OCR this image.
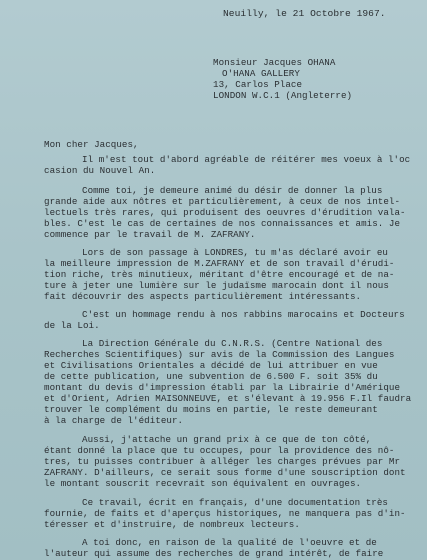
Neuilly, le 21 Octobre 1967.
Monsieur Jacques OHANA
O'HANA GALLERY
13, Carlos Place
LONDON W.C.1 (Angleterre)
Mon cher Jacques,
Il m'est tout d'abord agréable de réitérer mes voeux à l'oc
casion du Nouvel An.
Comme toi, je demeure animé du désir de donner la plus
grande aide aux nôtres et particulièrement, à ceux de nos intel-
lectuels très rares, qui produisent des oeuvres d'érudition vala-
bles. C'est le cas de certaines de nos connaissances et amis. Je
commence par le travail de M. ZAFRANY.
Lors de son passage à LONDRES, tu m'as déclaré avoir eu
la meilleure impression de M.ZAFRANY et de son travail d'érudi-
tion riche, très minutieux, méritant d'être encouragé et de na-
ture à jeter une lumière sur le judaïsme marocain dont il nous
fait découvrir des aspects particulièrement intéressants.
C'est un hommage rendu à nos rabbins marocains et Docteurs
de la Loi.
La Direction Générale du C.N.R.S. (Centre National des
Recherches Scientifiques) sur avis de la Commission des Langues
et Civilisations Orientales a décidé de lui attribuer en vue
de cette publication, une subvention de 6.500 F. soit 35% du
montant du devis d'impression établi par la Librairie d'Amérique
et d'Orient, Adrien MAISONNEUVE, et s'élevant à 19.956 F.Il faudra
trouver le complément du moins en partie, le reste demeurant
à la charge de l'éditeur.
Aussi, j'attache un grand prix à ce que de ton côté,
étant donné la place que tu occupes, pour la providence des nô-
tres, tu puisses contribuer à alléger les charges prévues par Mr
ZAFRANY. D'ailleurs, ce serait sous forme d'une souscription dont
le montant souscrit recevrait son équivalent en ouvrages.
Ce travail, écrit en français, d'une documentation très
fournie, de faits et d'aperçus historiques, ne manquera pas d'in-
téresser et d'instruire, de nombreux lecteurs.
A toi donc, en raison de la qualité de l'oeuvre et de
l'auteur qui assume des recherches de grand intérêt, de faire
